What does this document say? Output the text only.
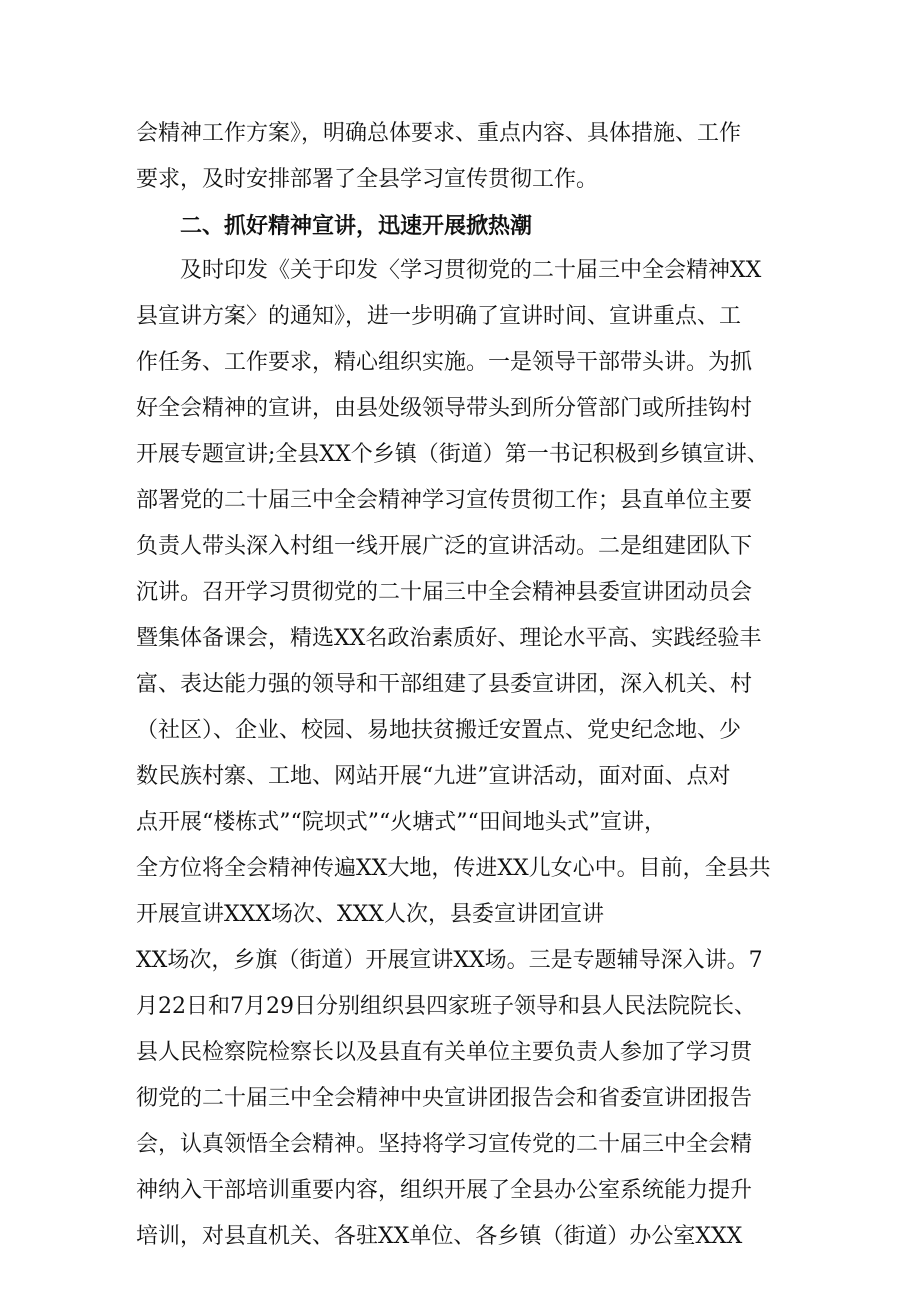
会精神工作方案》，明确总体要求、重点内容、具体措施、工作
要求，及时安排部署了全县学习宣传贯彻工作。
二、抓好精神宣讲，迅速开展掀热潮
及时印发《关于印发〈学习贯彻党的二十届三中全会精神XX
县宣讲方案〉的通知》，进一步明确了宣讲时间、宣讲重点、工
作任务、工作要求，精心组织实施。一是领导干部带头讲。为抓
好全会精神的宣讲，由县处级领导带头到所分管部门或所挂钩村
开展专题宣讲;全县XX个乡镇（街道）第一书记积极到乡镇宣讲、
部署党的二十届三中全会精神学习宣传贯彻工作；县直单位主要
负责人带头深入村组一线开展广泛的宣讲活动。二是组建团队下
沉讲。召开学习贯彻党的二十届三中全会精神县委宣讲团动员会
暨集体备课会，精选XX名政治素质好、理论水平高、实践经验丰
富、表达能力强的领导和干部组建了县委宣讲团，深入机关、村
（社区）、企业、校园、易地扶贫搬迁安置点、党史纪念地、少
数民族村寨、工地、网站开展“九进”宣讲活动，面对面、点对
点开展“楼栋式”“院坝式”“火塘式”“田间地头式”宣讲，
全方位将全会精神传遍XX大地，传进XX儿女心中。目前，全县共
开展宣讲XXX场次、XXX人次，县委宣讲团宣讲
XX场次，乡旗（街道）开展宣讲XX场。三是专题辅导深入讲。7
月22日和7月29日分别组织县四家班子领导和县人民法院院长、
县人民检察院检察长以及县直有关单位主要负责人参加了学习贯
彻党的二十届三中全会精神中央宣讲团报告会和省委宣讲团报告
会，认真领悟全会精神。坚持将学习宣传党的二十届三中全会精
神纳入干部培训重要内容，组织开展了全县办公室系统能力提升
培训，对县直机关、各驻XX单位、各乡镇（街道）办公室XXX
